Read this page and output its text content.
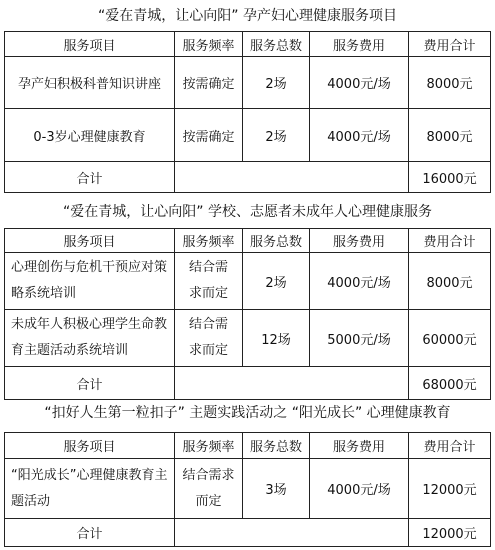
“爱在青城，让心向阳” 孕产妇心理健康服务项目
服务项目	服务频率	服务总数	服务费用	费用合计
孕产妇积极科普知识讲座	按需确定	2场	4000元/场	8000元
0-3岁心理健康教育	按需确定	2场	4000元/场	8000元
合计				16000元
“爱在青城，让心向阳” 学校、志愿者未成年人心理健康服务
服务项目	服务频率	服务总数	服务费用	费用合计
心理创伤与危机干预应对策略系统培训	结合需求而定	2场	4000元/场	8000元
未成年人积极心理学生命教育主题活动系统培训	结合需求而定	12场	5000元/场	60000元
合计				68000元
“扣好人生第一粒扣子” 主题实践活动之 “阳光成长” 心理健康教育
服务项目	服务频率	服务总数	服务费用	费用合计
“阳光成长”心理健康教育主题活动	结合需求而定	3场	4000元/场	12000元
合计				12000元
